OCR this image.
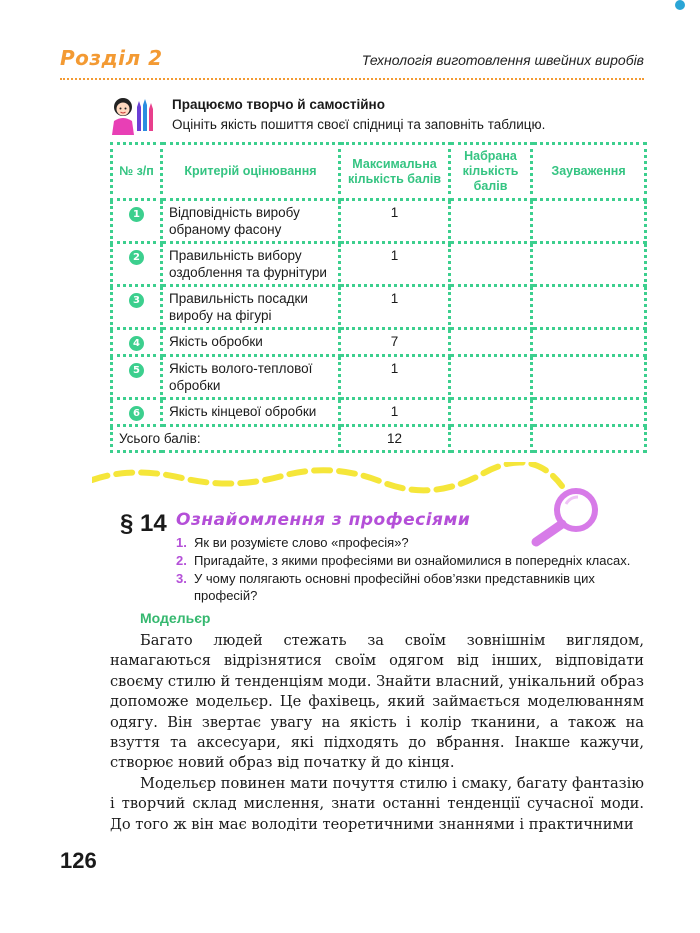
Розділ 2	Технологія виготовлення швейних виробів
Працюємо творчо й самостійно
Оцініть якість пошиття своєї спідниці та заповніть таблицю.
№ з/п	Критерій оцінювання	Максимальна кількість балів	Набрана кількість балів	Зауваження
1	Відповідність виробу обраному фасону	1		
2	Правильність вибору оздоблення та фурнітури	1		
3	Правильність посадки виробу на фігурі	1		
4	Якість обробки	7		
5	Якість волого-теплової обробки	1		
6	Якість кінцевої обробки	1		
Усього балів:		12		
§ 14 Ознайомлення з професіями
1. Як ви розумієте слово «професія»?
2. Пригадайте, з якими професіями ви ознайомилися в попередніх класах.
3. У чому полягають основні професійні обов’язки представників цих професій?
Модельєр

Багато людей стежать за своїм зовнішнім виглядом, намагаються відрізнятися своїм одягом від інших, відповідати своєму стилю й тенденціям моди. Знайти власний, унікальний образ допоможе модельєр. Це фахівець, який займається моделюванням одягу. Він звертає увагу на якість і колір тканини, а також на взуття та аксесуари, які підходять до вбрання. Інакше кажучи, створює новий образ від початку й до кінця.

Модельєр повинен мати почуття стилю і смаку, багату фантазію і творчий склад мислення, знати останні тенденції сучасної моди. До того ж він має володіти теоретичними знаннями і практичними

126
